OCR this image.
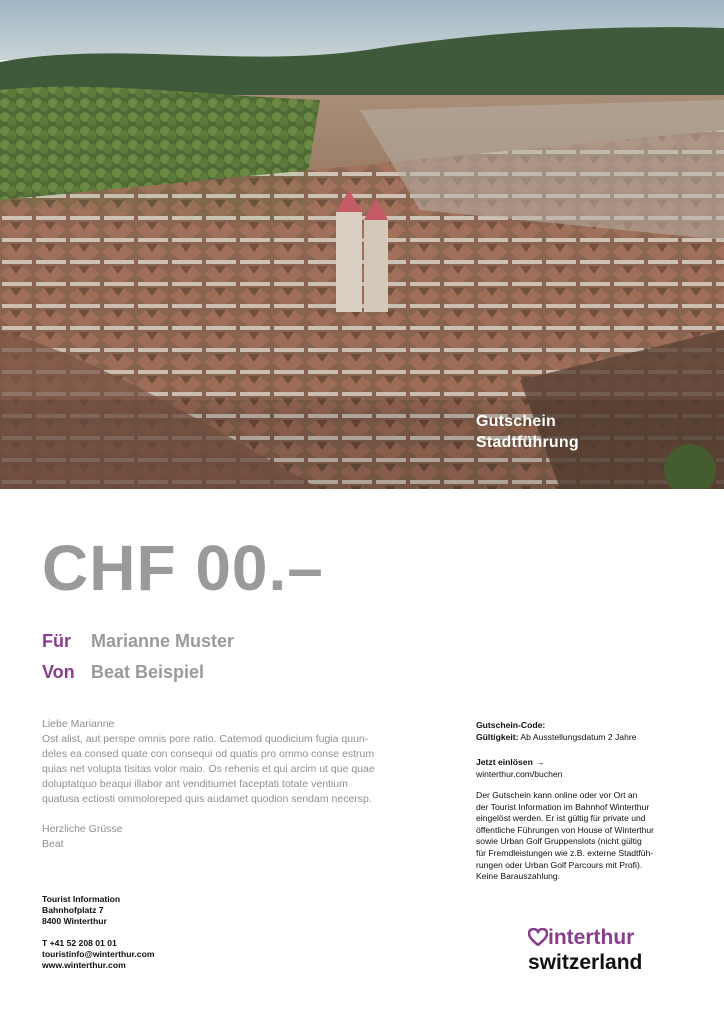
Gutschein
Stadtführung
CHF 00.–
Für Marianne Muster
Von Beat Beispiel

Liebe Marianne

Ost alist, aut perspe omnis pore ratio. Catemod quodicium fugia quun-

deles ea consed quate con consequi od quatis pro ommo conse estrum

quias net volupta tisitas volor maio. Os rehenis et qui arcim ut que quae

doluptatquo beaqui illabor ant venditiumet faceptati totate ventium

quatusa ectiosti ommoloreped quis audamet quodion sendam necersp.

Herzliche Grüsse

Beat

Gutschein-Code:
Gültigkeit: Ab Ausstellungsdatum 2 Jahre
Jetzt einlösen →
winterthur.com/buchen
Der Gutschein kann online oder vor Ort an
der Tourist Information im Bahnhof Winterthur
eingelöst werden. Er ist gültig für private und
öffentliche Führungen von House of Winterthur
sowie Urban Golf Gruppenslots (nicht gültig
für Fremdleistungen wie z.B. externe Stadtfüh-
rungen oder Urban Golf Parcours mit Profi).
Keine Barauszahlung.
Tourist Information
Bahnhofplatz 7
8400 Winterthur
T +41 52 208 01 01
touristinfo@winterthur.com
www.winterthur.com
interthur
switzerland
